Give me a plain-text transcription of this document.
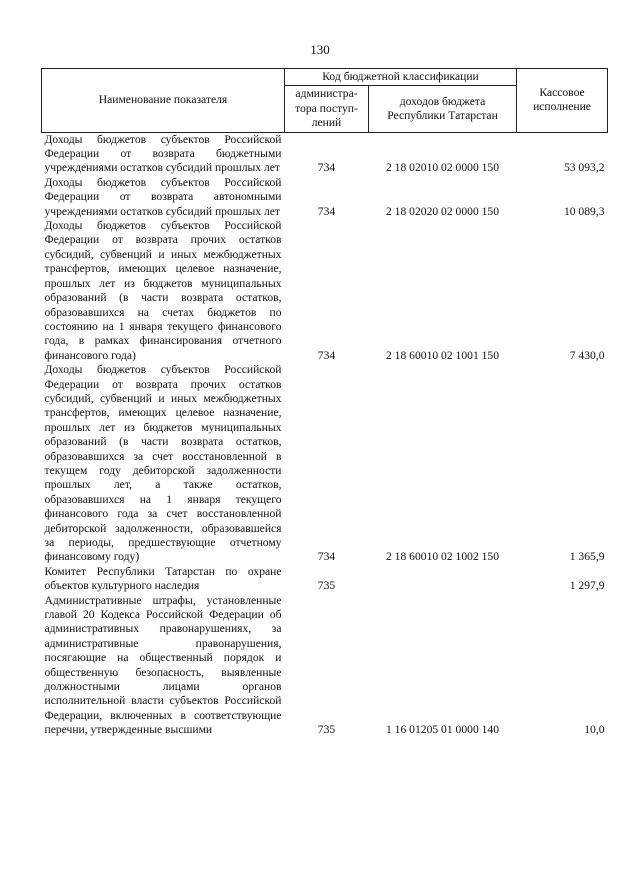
130
Наименование показателя	Код бюджетной классификации		Кассовое исполнение
	администра-тора поступ-лений	доходов бюджета Республики Татарстан	
Доходы бюджетов субъектов Российской Федерации от возврата бюджетными учреждениями остатков субсидий прошлых лет	734	2 18 02010 02 0000 150	53 093,2
Доходы бюджетов субъектов Российской Федерации от возврата автономными учреждениями остатков субсидий прошлых лет	734	2 18 02020 02 0000 150	10 089,3
Доходы бюджетов субъектов Российской Федерации от возврата прочих остатков субсидий, субвенций и иных межбюджетных трансфертов, имеющих целевое назначение, прошлых лет из бюджетов муниципальных образований (в части возврата остатков, образовавшихся на счетах бюджетов по состоянию на 1 января текущего финансового года, в рамках финансирования отчетного финансового года)	734	2 18 60010 02 1001 150	7 430,0
Доходы бюджетов субъектов Российской Федерации от возврата прочих остатков субсидий, субвенций и иных межбюджетных трансфертов, имеющих целевое назначение, прошлых лет из бюджетов муниципальных образований (в части возврата остатков, образовавшихся за счет восстановленной в текущем году дебиторской задолженности прошлых лет, а также остатков, образовавшихся на 1 января текущего финансового года за счет восстановленной дебиторской задолженности, образовавшейся за периоды, предшествующие отчетному финансовому году)	734	2 18 60010 02 1002 150	1 365,9
Комитет Республики Татарстан по охране объектов культурного наследия	735		1 297,9
Административные штрафы, установленные главой 20 Кодекса Российской Федерации об административных правонарушениях, за административные правонарушения, посягающие на общественный порядок и общественную безопасность, выявленные должностными лицами органов исполнительной власти субъектов Российской Федерации, включенных в соответствующие перечни, утвержденные высшими	735	1 16 01205 01 0000 140	10,0
